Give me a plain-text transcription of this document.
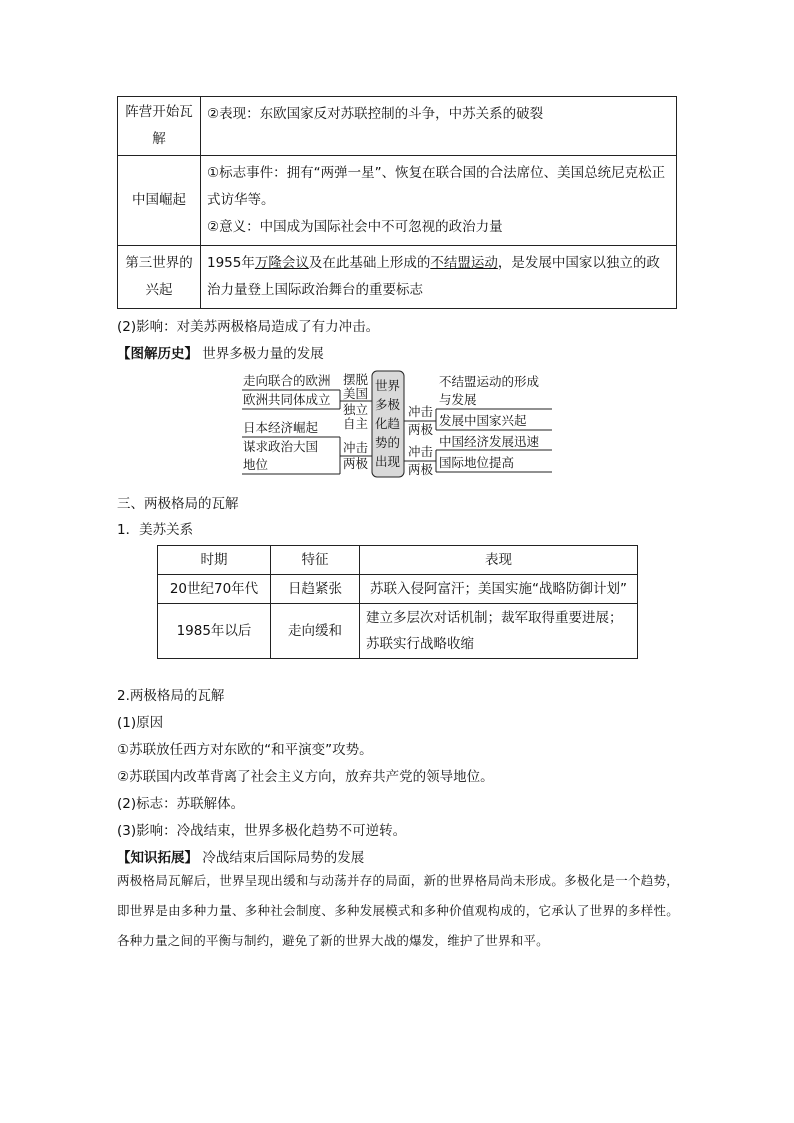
阵营开始瓦解	②表现：东欧国家反对苏联控制的斗争，中苏关系的破裂
中国崛起	①标志事件：拥有“两弹一星”、恢复在联合国的合法席位、美国总统尼克松正式访华等。
②意义：中国成为国际社会中不可忽视的政治力量

第三世界的兴起	1955年万隆会议及在此基础上形成的不结盟运动，是发展中国家以独立的政治力量登上国际政治舞台的重要标志
(2)影响：对美苏两极格局造成了有力冲击。
【图解历史】 世界多极力量的发展
走向联合的欧洲
欧洲共同体成立
日本经济崛起
谋求政治大国
地位
摆脱
美国
独立
自主
冲击
两极
世界
多极
化趋
势的
出现
冲击
两极
冲击
两极
不结盟运动的形成
与发展
发展中国家兴起
中国经济发展迅速
国际地位提高
三、两极格局的瓦解
1．美苏关系
时期	特征	表现
20世纪70年代	日趋紧张	苏联入侵阿富汗；美国实施“战略防御计划”
1985年以后	走向缓和	建立多层次对话机制；裁军取得重要进展；苏联实行战略收缩
2.两极格局的瓦解
(1)原因
①苏联放任西方对东欧的“和平演变”攻势。
②苏联国内改革背离了社会主义方向，放弃共产党的领导地位。
(2)标志：苏联解体。
(3)影响：冷战结束，世界多极化趋势不可逆转。
【知识拓展】 冷战结束后国际局势的发展
两极格局瓦解后，世界呈现出缓和与动荡并存的局面，新的世界格局尚未形成。多极化是一个趋势，即世界是由多种力量、多种社会制度、多种发展模式和多种价值观构成的，它承认了世界的多样性。各种力量之间的平衡与制约，避免了新的世界大战的爆发，维护了世界和平。
